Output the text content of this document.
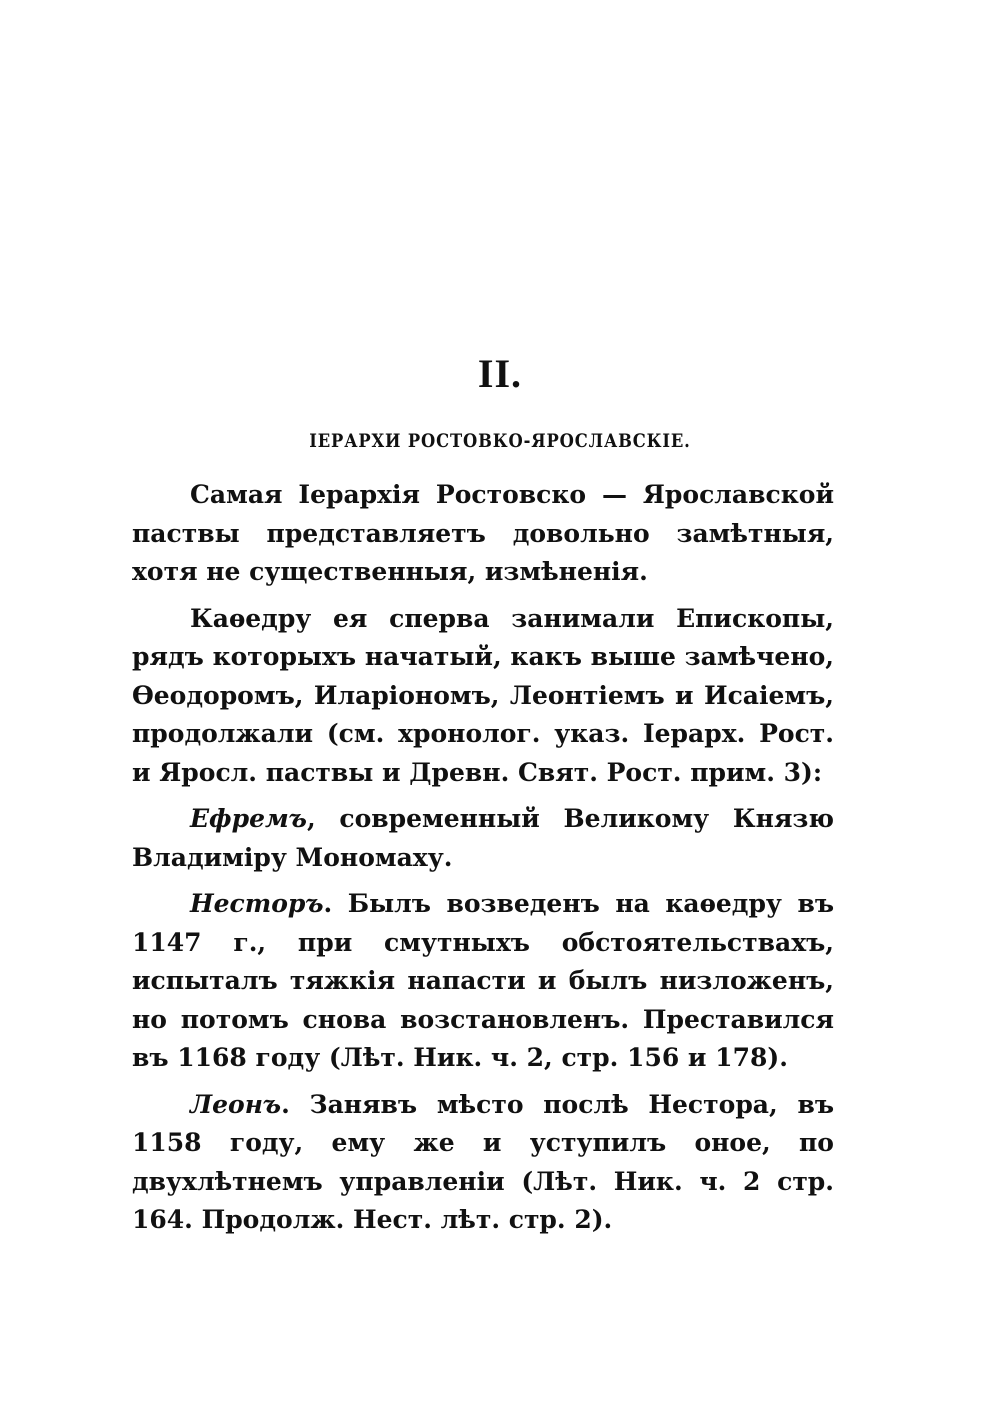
II.
IЕРАРХИ РОСТОВКО-ЯРОСЛАВСКIЕ.

Самая Iерархiя Ростовско — Ярославской паствы представляетъ довольно замѣтныя, хотя не существенныя, измѣненiя.

Каѳедру ея сперва занимали Епископы, рядъ которыхъ начатый, какъ выше замѣчено, Ѳеодоромъ, Иларiономъ, Леонтiемъ и Исаiемъ, продолжали (см. хронолог. указ. Iерарх. Рост. и Яросл. паствы и Древн. Свят. Рост. прим. 3):

Ефремъ, современный Великому Князю Владимiру Мономаху.

Несторъ. Былъ возведенъ на каѳедру въ 1147 г., при смутныхъ обстоятельствахъ, испыталъ тяжкiя напасти и былъ низложенъ, но потомъ снова возстановленъ. Преставился въ 1168 году (Лѣт. Ник. ч. 2, стр. 156 и 178).

Леонъ. Занявъ мѣсто послѣ Нестора, въ 1158 году, ему же и уступилъ оное, по двухлѣтнемъ управленiи (Лѣт. Ник. ч. 2 стр. 164. Продолж. Нест. лѣт. стр. 2).
